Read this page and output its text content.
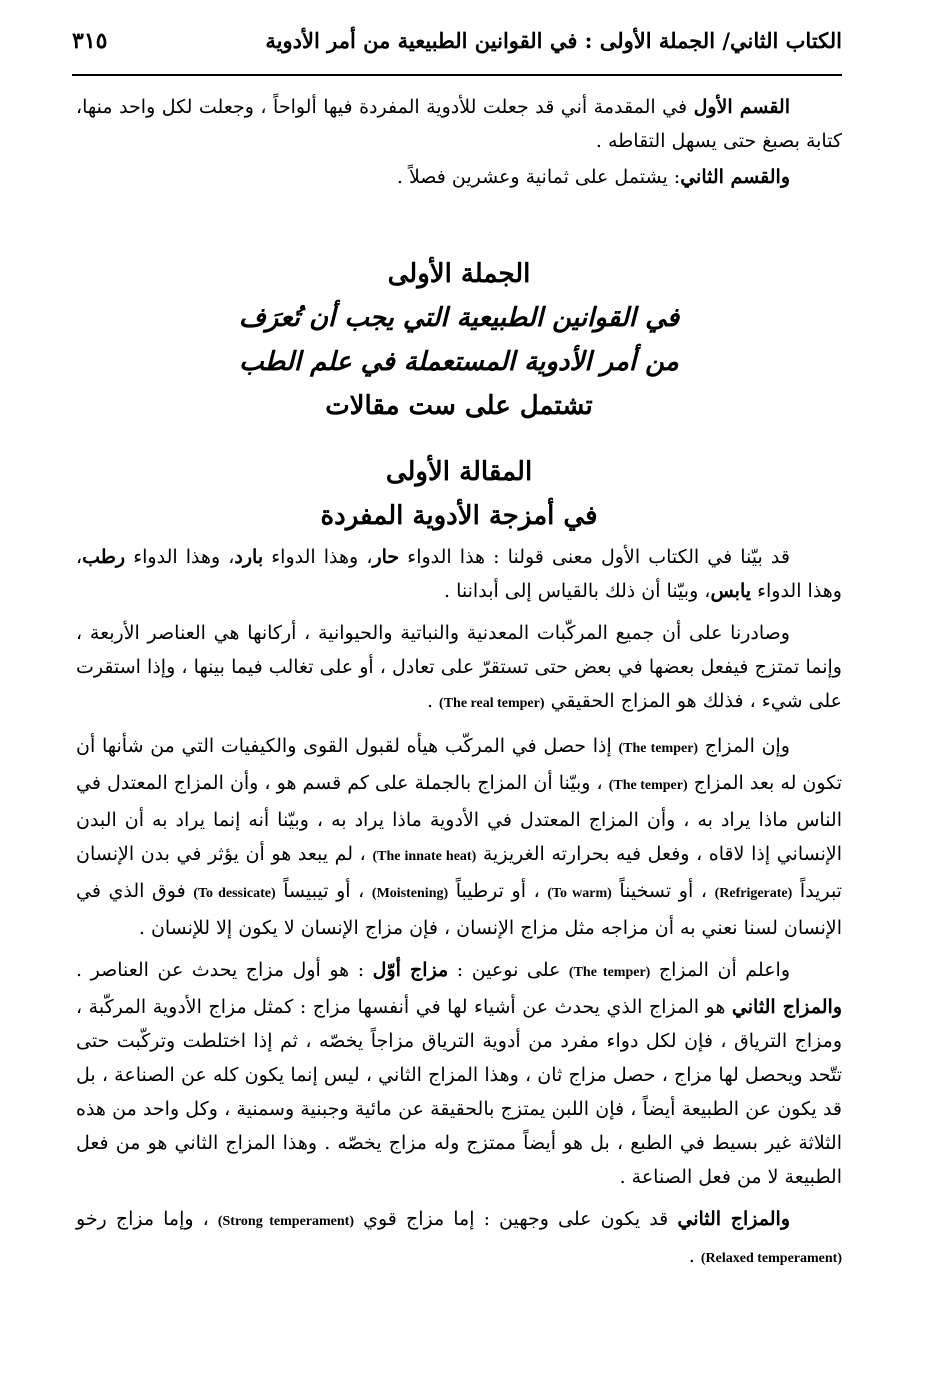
الكتاب الثاني/ الجملة الأولى : في القوانين الطبيعية من أمر الأدوية
٣١٥

القسم الأول في المقدمة أني قد جعلت للأدوية المفردة فيها ألواحاً ، وجعلت لكل واحد منها، كتابة بصبغ حتى يسهل التقاطه .

والقسم الثاني: يشتمل على ثمانية وعشرين فصلاً .

الجملة الأولى

في القوانين الطبيعية التي يجب أن تُعرَف

من أمر الأدوية المستعملة في علم الطب

تشتمل على ست مقالات

المقالة الأولى

في أمزجة الأدوية المفردة

قد بيّنا في الكتاب الأول معنى قولنا : هذا الدواء حار، وهذا الدواء بارد، وهذا الدواء رطب، وهذا الدواء يابس، وبيّنا أن ذلك بالقياس إلى أبداننا .

وصادرنا على أن جميع المركّبات المعدنية والنباتية والحيوانية ، أركانها هي العناصر الأربعة ، وإنما تمتزج فيفعل بعضها في بعض حتى تستقرّ على تعادل ، أو على تغالب فيما بينها ، وإذا استقرت على شيء ، فذلك هو المزاج الحقيقي (The real temper) .

وإن المزاج (The temper) إذا حصل في المركّب هيأه لقبول القوى والكيفيات التي من شأنها أن تكون له بعد المزاج (The temper) ، وبيّنا أن المزاج بالجملة على كم قسم هو ، وأن المزاج المعتدل في الناس ماذا يراد به ، وأن المزاج المعتدل في الأدوية ماذا يراد به ، وبيّنا أنه إنما يراد به أن البدن الإنساني إذا لاقاه ، وفعل فيه بحرارته الغريزية (The innate heat) ، لم يبعد هو أن يؤثر في بدن الإنسان تبريداً (Refrigerate) ، أو تسخيناً (To warm) ، أو ترطيباً (Moistening) ، أو تيبيساً (To dessicate) فوق الذي في الإنسان لسنا نعني به أن مزاجه مثل مزاج الإنسان ، فإن مزاج الإنسان لا يكون إلا للإنسان .

واعلم أن المزاج (The temper) على نوعين : مزاج أوّل : هو أول مزاج يحدث عن العناصر . والمزاج الثاني هو المزاج الذي يحدث عن أشياء لها في أنفسها مزاج : كمثل مزاج الأدوية المركّبة ، ومزاج الترياق ، فإن لكل دواء مفرد من أدوية الترياق مزاجاً يخصّه ، ثم إذا اختلطت وتركّبت حتى تتّحد ويحصل لها مزاج ، حصل مزاج ثان ، وهذا المزاج الثاني ، ليس إنما يكون كله عن الصناعة ، بل قد يكون عن الطبيعة أيضاً ، فإن اللبن يمتزج بالحقيقة عن مائية وجبنية وسمنية ، وكل واحد من هذه الثلاثة غير بسيط في الطبع ، بل هو أيضاً ممتزج وله مزاج يخصّه . وهذا المزاج الثاني هو من فعل الطبيعة لا من فعل الصناعة .

والمزاج الثاني قد يكون على وجهين : إما مزاج قوي (Strong temperament) ، وإما مزاج رخو (Relaxed temperament) .
